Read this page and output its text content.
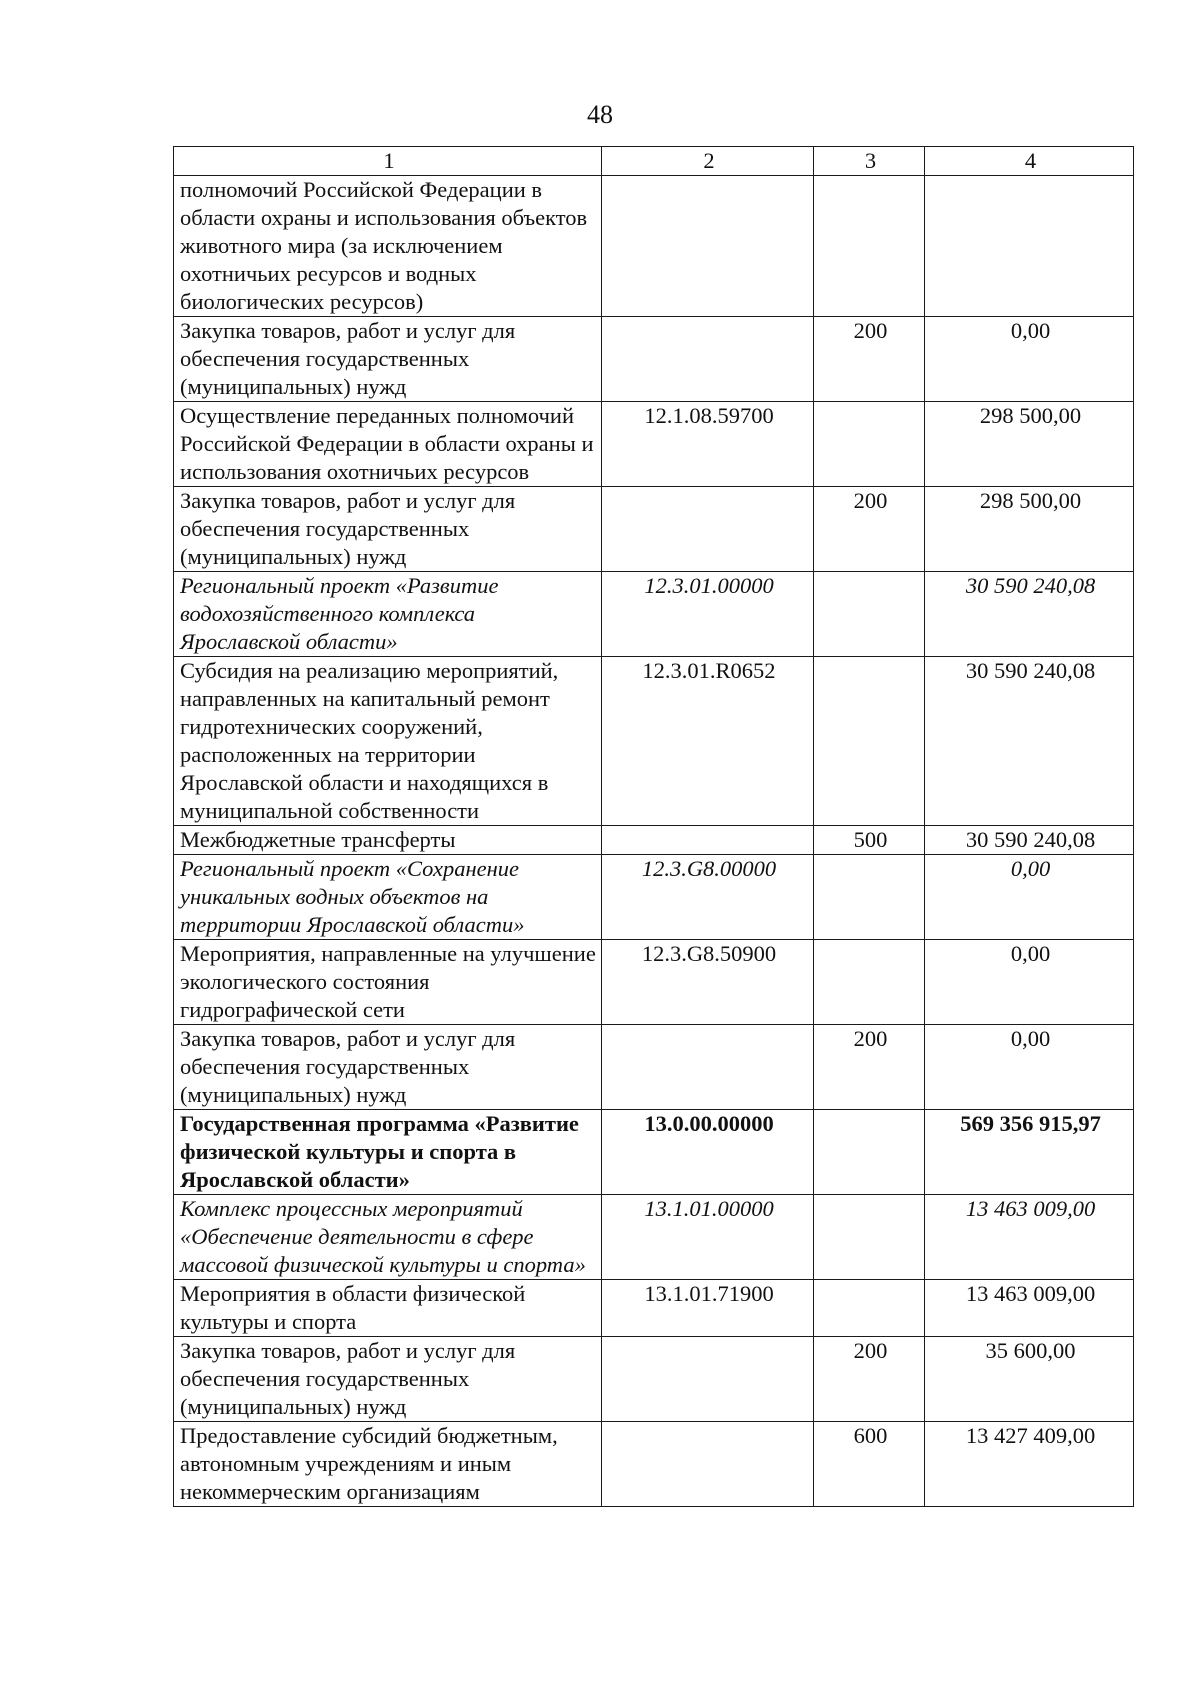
48
1	2	3	4
полномочий Российской Федерации в области охраны и использования объектов животного мира (за исключением охотничьих ресурсов и водных биологических ресурсов)			
Закупка товаров, работ и услуг для обеспечения государственных (муниципальных) нужд		200	0,00
Осуществление переданных полномочий Российской Федерации в области охраны и использования охотничьих ресурсов	12.1.08.59700		298 500,00
Закупка товаров, работ и услуг для обеспечения государственных (муниципальных) нужд		200	298 500,00
Региональный проект «Развитие водохозяйственного комплекса Ярославской области»	12.3.01.00000		30 590 240,08
Субсидия на реализацию мероприятий, направленных на капитальный ремонт гидротехнических сооружений, расположенных на территории Ярославской области и находящихся в муниципальной собственности	12.3.01.R0652		30 590 240,08
Межбюджетные трансферты		500	30 590 240,08
Региональный проект «Сохранение уникальных водных объектов на территории Ярославской области»	12.3.G8.00000		0,00
Мероприятия, направленные на улучшение экологического состояния гидрографической сети	12.3.G8.50900		0,00
Закупка товаров, работ и услуг для обеспечения государственных (муниципальных) нужд		200	0,00
Государственная программа «Развитие физической культуры и спорта в Ярославской области»	13.0.00.00000		569 356 915,97
Комплекс процессных мероприятий «Обеспечение деятельности в сфере массовой физической культуры и спорта»	13.1.01.00000		13 463 009,00
Мероприятия в области физической культуры и спорта	13.1.01.71900		13 463 009,00
Закупка товаров, работ и услуг для обеспечения государственных (муниципальных) нужд		200	35 600,00
Предоставление субсидий бюджетным, автономным учреждениям и иным некоммерческим организациям		600	13 427 409,00
